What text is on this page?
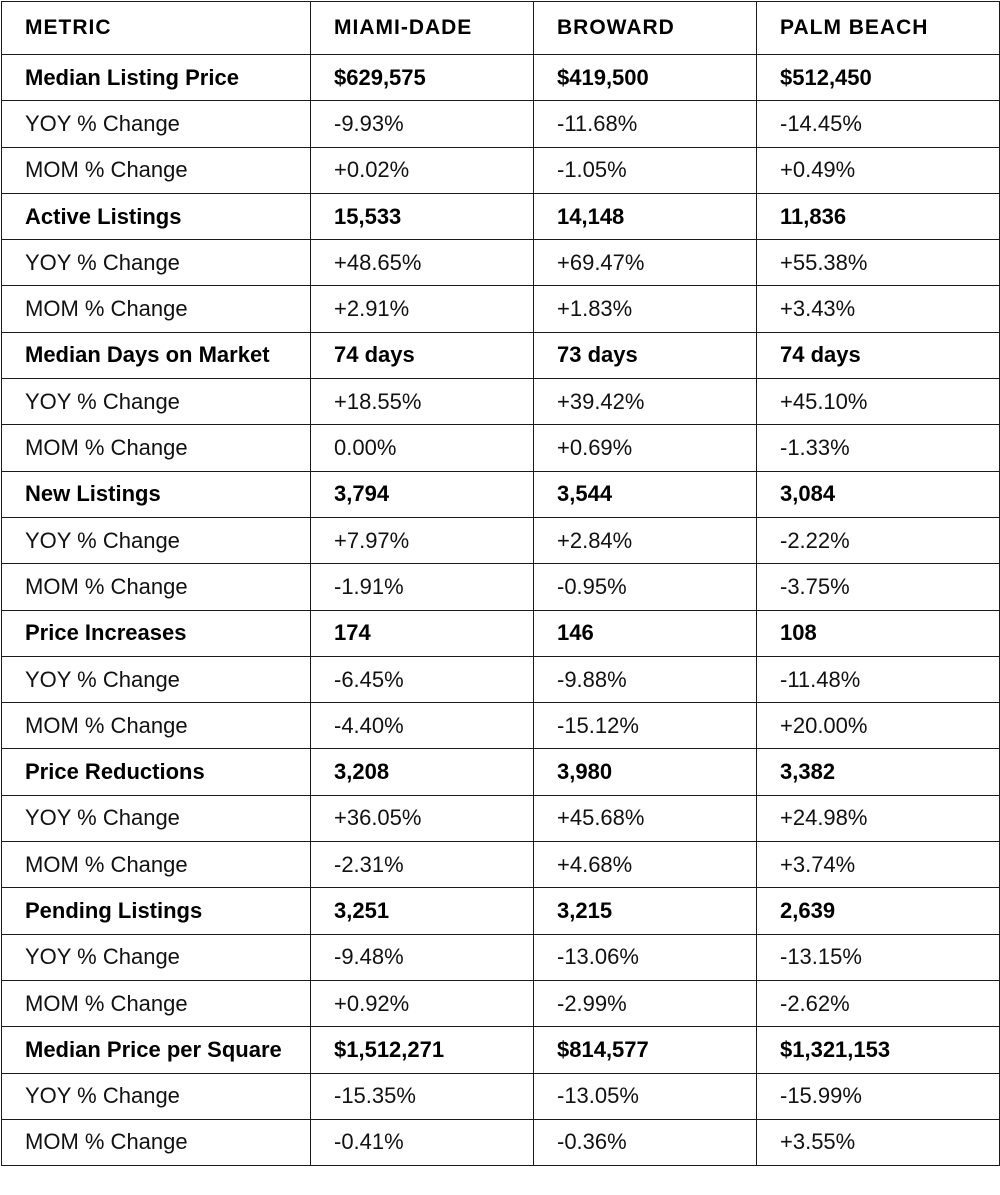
METRIC	MIAMI-DADE	BROWARD	PALM BEACH
Median Listing Price	$629,575	$419,500	$512,450
YOY % Change	-9.93%	-11.68%	-14.45%
MOM % Change	+0.02%	-1.05%	+0.49%
Active Listings	15,533	14,148	11,836
YOY % Change	+48.65%	+69.47%	+55.38%
MOM % Change	+2.91%	+1.83%	+3.43%
Median Days on Market	74 days	73 days	74 days
YOY % Change	+18.55%	+39.42%	+45.10%
MOM % Change	0.00%	+0.69%	-1.33%
New Listings	3,794	3,544	3,084
YOY % Change	+7.97%	+2.84%	-2.22%
MOM % Change	-1.91%	-0.95%	-3.75%
Price Increases	174	146	108
YOY % Change	-6.45%	-9.88%	-11.48%
MOM % Change	-4.40%	-15.12%	+20.00%
Price Reductions	3,208	3,980	3,382
YOY % Change	+36.05%	+45.68%	+24.98%
MOM % Change	-2.31%	+4.68%	+3.74%
Pending Listings	3,251	3,215	2,639
YOY % Change	-9.48%	-13.06%	-13.15%
MOM % Change	+0.92%	-2.99%	-2.62%
Median Price per Square	$1,512,271	$814,577	$1,321,153
YOY % Change	-15.35%	-13.05%	-15.99%
MOM % Change	-0.41%	-0.36%	+3.55%
